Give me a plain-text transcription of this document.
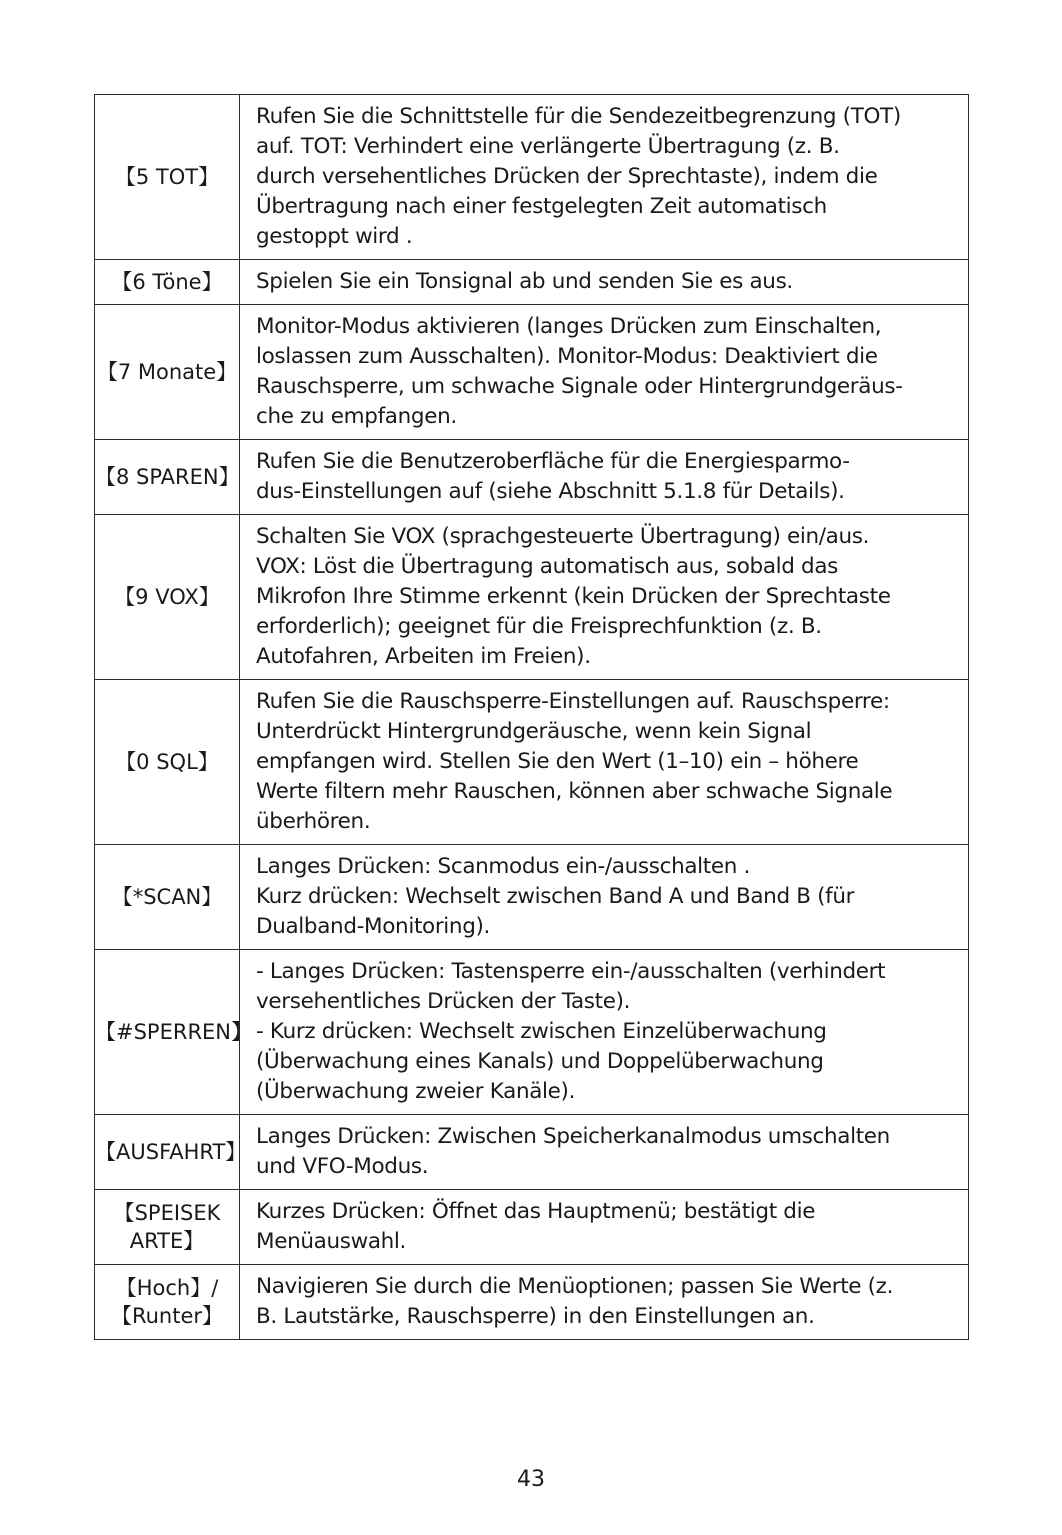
【5 TOT】	Rufen Sie die Schnittstelle für die Sendezeitbegrenzung (TOT)
auf. TOT: Verhindert eine verlängerte Übertragung (z. B.
durch versehentliches Drücken der Sprechtaste), indem die
Übertragung nach einer festgelegten Zeit automatisch
gestoppt wird .

【6 Töne】	Spielen Sie ein Tonsignal ab und senden Sie es aus.

【7 Monate】	Monitor-Modus aktivieren (langes Drücken zum Einschalten,
loslassen zum Ausschalten). Monitor-Modus: Deaktiviert die
Rauschsperre, um schwache Signale oder Hintergrundgeräus-
che zu empfangen.

【8 SPAREN】	Rufen Sie die Benutzeroberfläche für die Energiesparmo-
dus-Einstellungen auf (siehe Abschnitt 5.1.8 für Details).

【9 VOX】	Schalten Sie VOX (sprachgesteuerte Übertragung) ein/aus.
VOX: Löst die Übertragung automatisch aus, sobald das
Mikrofon Ihre Stimme erkennt (kein Drücken der Sprechtaste
erforderlich); geeignet für die Freisprechfunktion (z. B.
Autofahren, Arbeiten im Freien).

【0 SQL】	Rufen Sie die Rauschsperre-Einstellungen auf. Rauschsperre:
Unterdrückt Hintergrundgeräusche, wenn kein Signal
empfangen wird. Stellen Sie den Wert (1–10) ein – höhere
Werte filtern mehr Rauschen, können aber schwache Signale
überhören.

【*SCAN】	Langes Drücken: Scanmodus ein-/ausschalten .
Kurz drücken: Wechselt zwischen Band A und Band B (für
Dualband-Monitoring).

【#SPERREN】	- Langes Drücken: Tastensperre ein-/ausschalten (verhindert
versehentliches Drücken der Taste).
- Kurz drücken: Wechselt zwischen Einzelüberwachung
(Überwachung eines Kanals) und Doppelüberwachung
(Überwachung zweier Kanäle).

【AUSFAHRT】	Langes Drücken: Zwischen Speicherkanalmodus umschalten
und VFO-Modus.

【SPEISEK
ARTE】	Kurzes Drücken: Öffnet das Hauptmenü; bestätigt die
Menüauswahl.

【Hoch】/
【Runter】	Navigieren Sie durch die Menüoptionen; passen Sie Werte (z.
B. Lautstärke, Rauschsperre) in den Einstellungen an.
43
